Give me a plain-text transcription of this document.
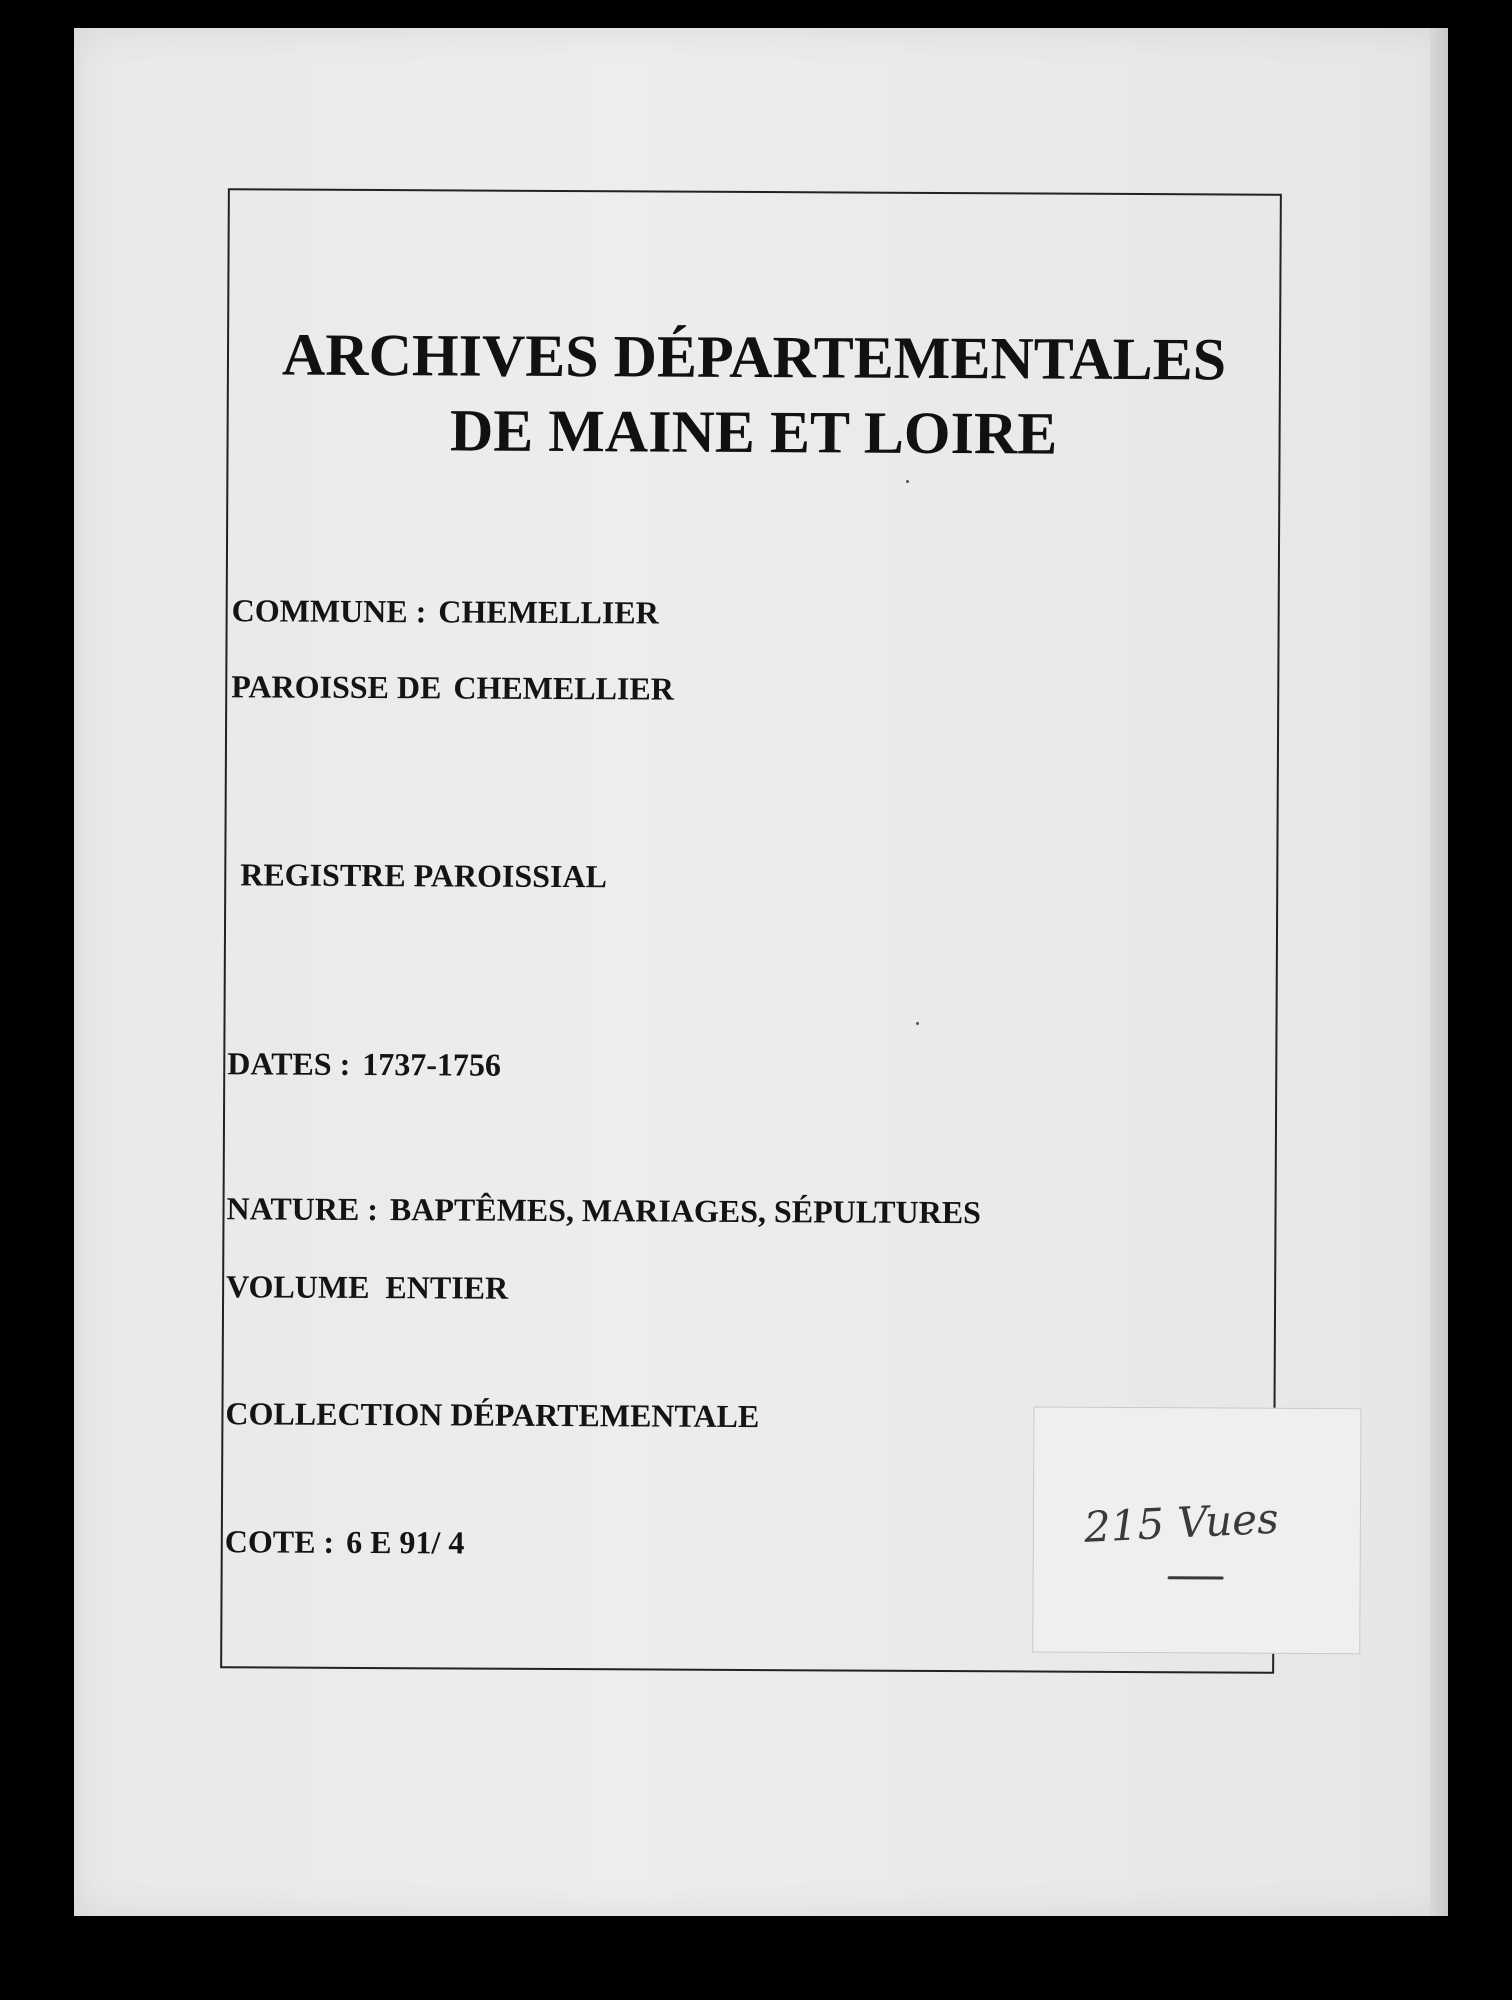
ARCHIVES DÉPARTEMENTALES
DE MAINE ET LOIRE
COMMUNE : CHEMELLIER
PAROISSE DE CHEMELLIER
REGISTRE PAROISSIAL
DATES : 1737-1756
NATURE : BAPTÊMES, MARIAGES, SÉPULTURES
VOLUME  ENTIER
COLLECTION DÉPARTEMENTALE
COTE : 6 E 91/ 4	215 Vues
